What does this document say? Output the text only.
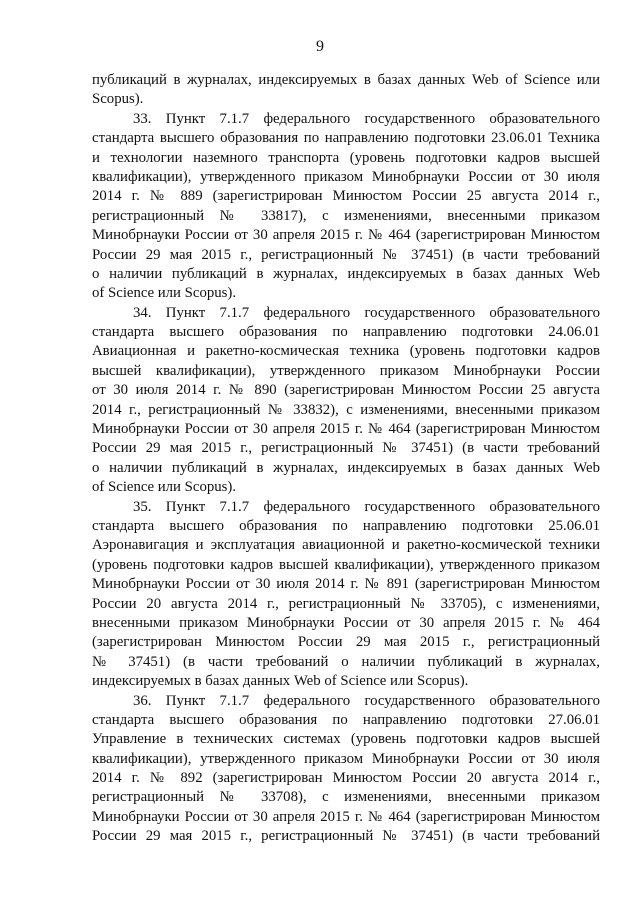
9
публикаций в журналах, индексируемых в базах данных Web of Science или
Scopus).
33. Пункт 7.1.7 федерального государственного образовательного
стандарта высшего образования по направлению подготовки 23.06.01 Техника
и технологии наземного транспорта (уровень подготовки кадров высшей
квалификации), утвержденного приказом Минобрнауки России от 30 июля
2014 г. № 889 (зарегистрирован Минюстом России 25 августа 2014 г.,
регистрационный № 33817), с изменениями, внесенными приказом
Минобрнауки России от 30 апреля 2015 г. № 464 (зарегистрирован Минюстом
России 29 мая 2015 г., регистрационный № 37451) (в части требований
о наличии публикаций в журналах, индексируемых в базах данных Web
of Science или Scopus).
34. Пункт 7.1.7 федерального государственного образовательного
стандарта высшего образования по направлению подготовки 24.06.01
Авиационная и ракетно-космическая техника (уровень подготовки кадров
высшей квалификации), утвержденного приказом Минобрнауки России
от 30 июля 2014 г. № 890 (зарегистрирован Минюстом России 25 августа
2014 г., регистрационный № 33832), с изменениями, внесенными приказом
Минобрнауки России от 30 апреля 2015 г. № 464 (зарегистрирован Минюстом
России 29 мая 2015 г., регистрационный № 37451) (в части требований
о наличии публикаций в журналах, индексируемых в базах данных Web
of Science или Scopus).
35. Пункт 7.1.7 федерального государственного образовательного
стандарта высшего образования по направлению подготовки 25.06.01
Аэронавигация и эксплуатация авиационной и ракетно-космической техники
(уровень подготовки кадров высшей квалификации), утвержденного приказом
Минобрнауки России от 30 июля 2014 г. № 891 (зарегистрирован Минюстом
России 20 августа 2014 г., регистрационный № 33705), с изменениями,
внесенными приказом Минобрнауки России от 30 апреля 2015 г. № 464
(зарегистрирован Минюстом России 29 мая 2015 г., регистрационный
№ 37451) (в части требований о наличии публикаций в журналах,
индексируемых в базах данных Web of Science или Scopus).
36. Пункт 7.1.7 федерального государственного образовательного
стандарта высшего образования по направлению подготовки 27.06.01
Управление в технических системах (уровень подготовки кадров высшей
квалификации), утвержденного приказом Минобрнауки России от 30 июля
2014 г. № 892 (зарегистрирован Минюстом России 20 августа 2014 г.,
регистрационный № 33708), с изменениями, внесенными приказом
Минобрнауки России от 30 апреля 2015 г. № 464 (зарегистрирован Минюстом
России 29 мая 2015 г., регистрационный № 37451) (в части требований
